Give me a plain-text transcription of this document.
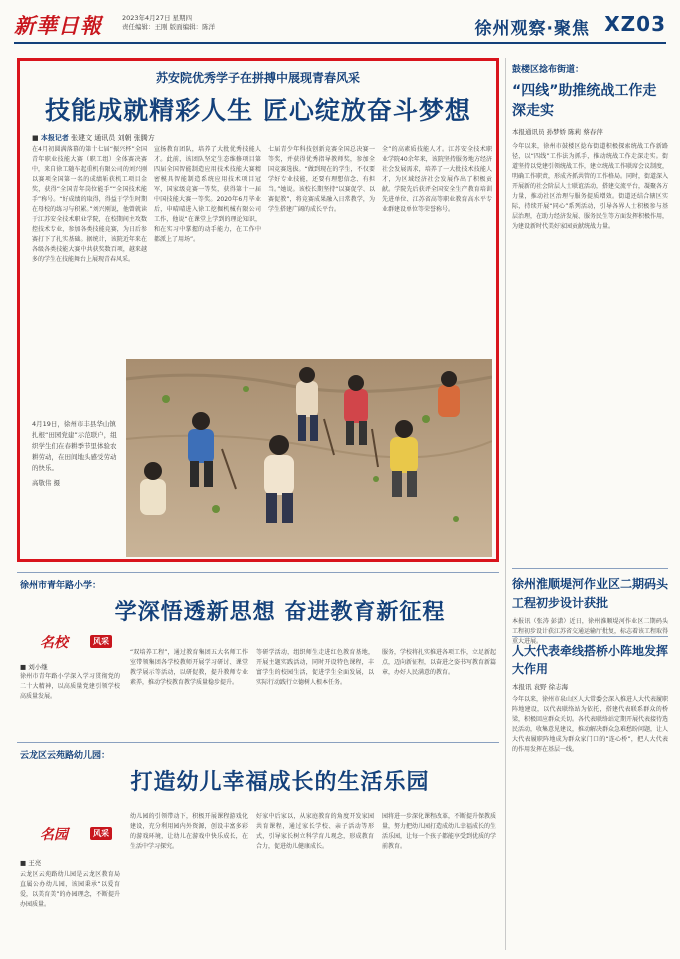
新華日報	2023年4月27日 星期四
责任编辑：王刚 版面编辑：陈洋	徐州观察·聚焦 XZ03
苏安院优秀学子在拼搏中展现青春风采
技能成就精彩人生 匠心绽放奋斗梦想
■ 本报记者 张建文 通讯员 刘朝 张腾方
在4月初圆满落幕的第十七届“振兴杯”全国青年职业技能大赛（职工组）全体赛决赛中，来自徐工随车起重机有限公司的刘兴刚以赛项全国第一名的成绩斩获机工项目金奖，获得“全国青年岗位能手”“全国技术能手”称号。“好成绩的取得，得益于学生时期在母校的练习与积累。”刘兴刚说，他曾就读于江苏安全技术职业学院，在校期间主攻数控技术专业，参加各类技能竞赛，为日后参赛打下了扎实基础。据统计，该院近年来在各级各类技能大赛中共获奖数百项，越来越多的学生在技能舞台上展现青春风采。
宣扬教育团队，培养了大批优秀技能人才。此前，该团队坚定生态维修项目第四届全国智能制造应用技术技能大赛精密模具智能制造系统应用技术项目冠军，国家级竞赛一等奖，获得第十一届中国技能大赛一等奖。2020年6月毕业后，申晴晴进入徐工挖掘机械有限公司工作，他说“在课堂上学到的理论知识，和在实习中掌握的动手能力，在工作中都派上了用场”。
七届青少年科技创新竞赛全国总决赛一等奖，并获得优秀指导教师奖，参加全国竞赛选拔。“做到现在的学生，不仅要学好专业技能，还要有理想信念、有担当。”她说。该校长期坚持“以赛促学、以赛促教”，将竞赛成果融入日常教学，为学生搭建广阔的成长平台。
全”的高素质技能人才。江苏安全技术职业学院40余年来，该院坚持服务地方经济社会发展需求，培养了一大批技术技能人才，为区域经济社会发展作出了积极贡献。学院先后获评全国安全生产教育培训先进单位、江苏省高等职业教育高水平专业群建设单位等荣誉称号。
4月19日，徐州市丰县华山镇扎根“田园党建”示范联户，组织学生们在春耕季节里体验农耕劳动，在田间地头感受劳动的快乐。
高敬伟 摄
鼓楼区捻布街道：
“四线”助推统战工作走深走实
本报通讯员 孙梦娇 陈莉 蔡春萍
今年以来，徐州市鼓楼区捻布街道积极探索统战工作新路径，以“四线”工作法为抓手，推动统战工作走深走实。街道坚持以党建引领统战工作，建立统战工作联席会议制度，明确工作职责，形成齐抓共管的工作格局。同时，街道深入开展新的社会阶层人士联谊活动，搭建交流平台，凝聚各方力量，推动社区治理与服务提质增效。街道还结合辖区实际，持续开展“同心”系列活动，引导各界人士积极参与基层治理，在助力经济发展、服务民生等方面发挥积极作用，为建设新时代美好家园贡献统战力量。
徐州淮顺堤河作业区二期码头工程初步设计获批
本报讯（张涛 彭潇）近日，徐州淮顺堤河作业区二期码头工程初步设计获江苏省交通运输厅批复，标志着该工程取得重大进展。
人大代表牵线搭桥小阵地发挥大作用
本报讯 袁野 徐志海
今年以来，徐州市泉山区人大常委会深入推进人大代表履职阵地建设，以代表联络站为依托，搭建代表联系群众的桥梁，积极回应群众关切。各代表联络站定期开展代表接待选民活动，收集意见建议，推动解决群众急难愁盼问题，让人大代表履职阵地成为群众家门口的“连心桥”，把人大代表的作用发挥在基层一线。
徐州市青年路小学：
学深悟透新思想 奋进教育新征程
名校	风采
■ 刘小继
徐州市青年路小学深入学习贯彻党的二十大精神，以高质量党建引领学校高质量发展。
“双培养工程”，通过教育集团五大名师工作室带领集团各学校教师开展学习研讨、课堂教学展示等活动，以研促教，提升教师专业素养，推动学校教育教学质量稳步提升。
等研学活动，组织师生走进红色教育基地，开展主题实践活动，同时开设特色课程，丰富学生的校园生活，促进学生全面发展，以实际行动践行立德树人根本任务。
服务，学校将扎实推进各项工作，立足新起点，迈向新征程，以奋进之姿书写教育新篇章，办好人民满意的教育。
云龙区云苑路幼儿园：
打造幼儿幸福成长的生活乐园
名园	风采
■ 王亮
云龙区云苑路幼儿园是云龙区教育局直属公办幼儿园，该园秉承“以爱育爱，以美育美”的办园理念，不断提升办园质量。
幼儿园的引领带动下，积极开展课程游戏化建设，充分利用园内外资源，创设丰富多彩的游戏环境，让幼儿在游戏中快乐成长，在生活中学习探究。
好家中后家以，从家庭教育的角度开发家园共育课程，通过家长学校、亲子活动等形式，引导家长树立科学育儿观念，形成教育合力，促进幼儿健康成长。
园将进一步深化课程改革，不断提升保教质量，努力把幼儿园打造成幼儿幸福成长的生活乐园，让每一个孩子都能享受到优质的学前教育。
